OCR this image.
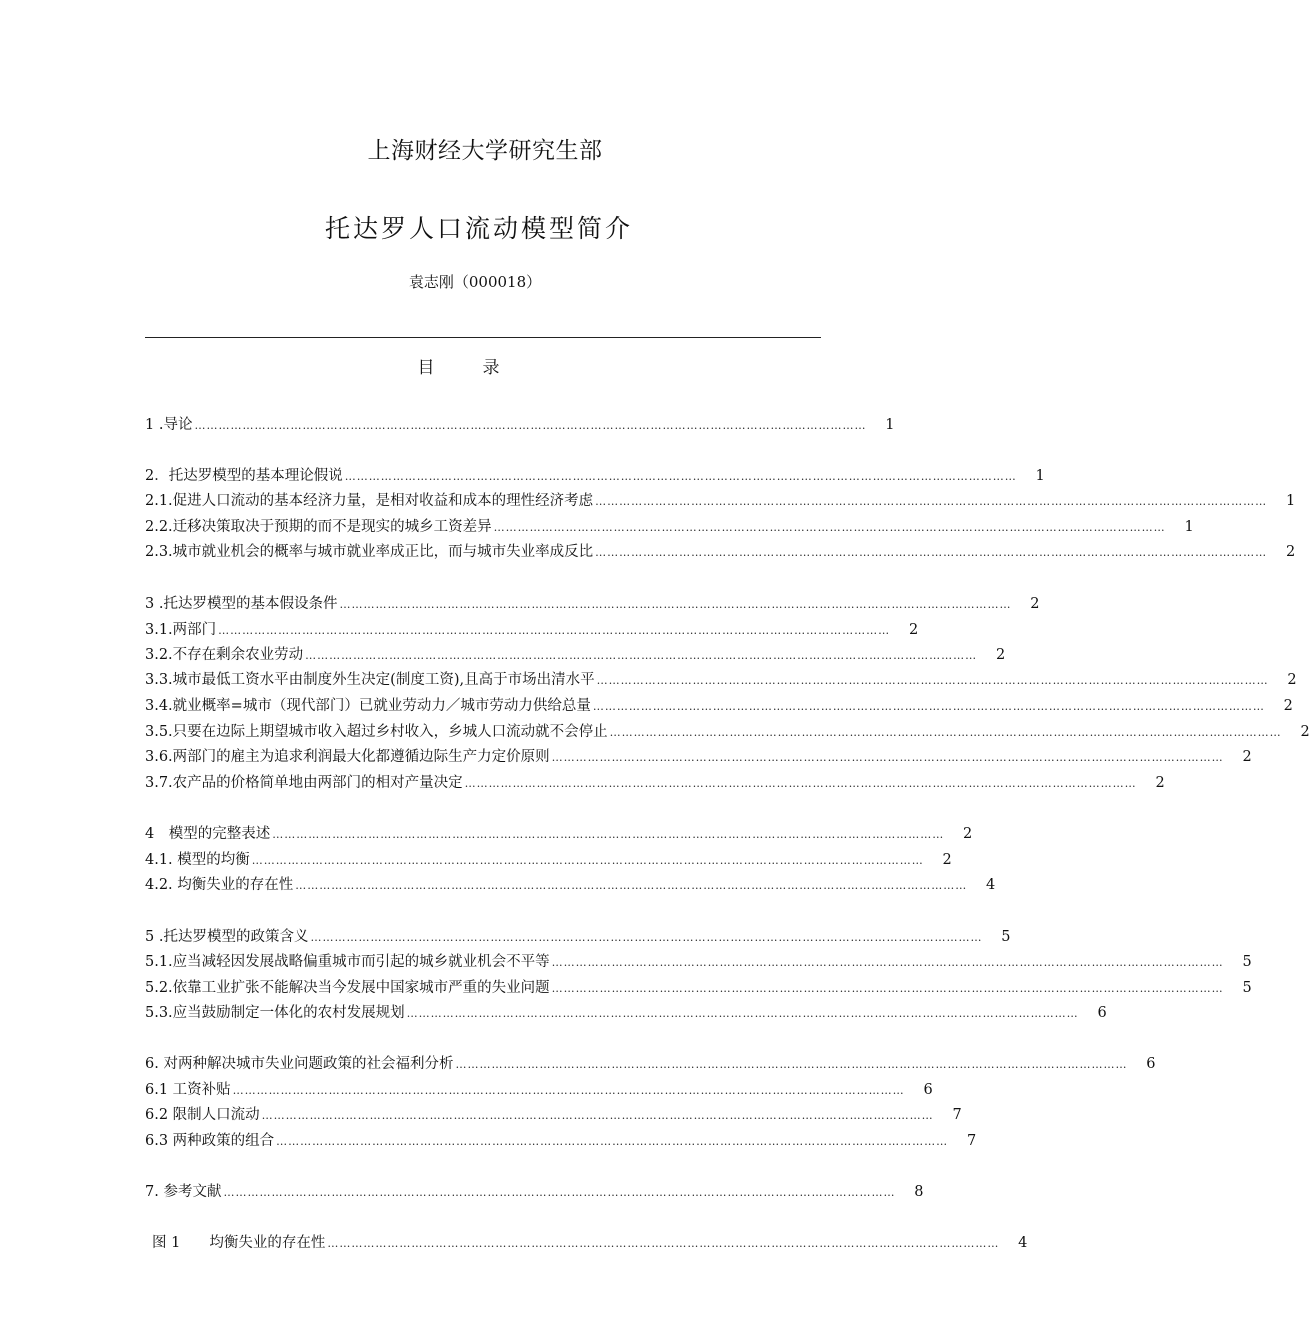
上海财经大学研究生部
托达罗人口流动模型简介
袁志刚（000018）
目录
1 .导论 ……………………………………………………………………………………………………………………………………………………	1
2．托达罗模型的基本理论假说 ……………………………………………………………………………………………………………………………………………………	1
2.1.促进人口流动的基本经济力量，是相对收益和成本的理性经济考虑 ……………………………………………………………………………………………………………………………………………………	1
2.2.迁移决策取决于预期的而不是现实的城乡工资差异 ……………………………………………………………………………………………………………………………………………………	1
2.3.城市就业机会的概率与城市就业率成正比，而与城市失业率成反比 ……………………………………………………………………………………………………………………………………………………	2
3 .托达罗模型的基本假设条件 ……………………………………………………………………………………………………………………………………………………	2
3.1.两部门 ……………………………………………………………………………………………………………………………………………………	2
3.2.不存在剩余农业劳动 ……………………………………………………………………………………………………………………………………………………	2
3.3.城市最低工资水平由制度外生决定(制度工资),且高于市场出清水平 ……………………………………………………………………………………………………………………………………………………	2
3.4.就业概率=城市（现代部门）已就业劳动力／城市劳动力供给总量 ……………………………………………………………………………………………………………………………………………………	2
3.5.只要在边际上期望城市收入超过乡村收入，乡城人口流动就不会停止 ……………………………………………………………………………………………………………………………………………………	2
3.6.两部门的雇主为追求利润最大化都遵循边际生产力定价原则 ……………………………………………………………………………………………………………………………………………………	2
3.7.农产品的价格简单地由两部门的相对产量决定 ……………………………………………………………………………………………………………………………………………………	2
4　模型的完整表述 ……………………………………………………………………………………………………………………………………………………	2
4.1. 模型的均衡 ……………………………………………………………………………………………………………………………………………………	2
4.2. 均衡失业的存在性 ……………………………………………………………………………………………………………………………………………………	4
5 .托达罗模型的政策含义 ……………………………………………………………………………………………………………………………………………………	5
5.1.应当减轻因发展战略偏重城市而引起的城乡就业机会不平等 ……………………………………………………………………………………………………………………………………………………	5
5.2.依靠工业扩张不能解决当今发展中国家城市严重的失业问题 ……………………………………………………………………………………………………………………………………………………	5
5.3.应当鼓励制定一体化的农村发展规划 ……………………………………………………………………………………………………………………………………………………	6
6. 对两种解决城市失业问题政策的社会福利分析 ……………………………………………………………………………………………………………………………………………………	6
6.1 工资补贴 ……………………………………………………………………………………………………………………………………………………	6
6.2 限制人口流动 ……………………………………………………………………………………………………………………………………………………	7
6.3 两种政策的组合 ……………………………………………………………………………………………………………………………………………………	7
7. 参考文献 ……………………………………………………………………………………………………………………………………………………	8
图 1　　均衡失业的存在性 ……………………………………………………………………………………………………………………………………………………	4
